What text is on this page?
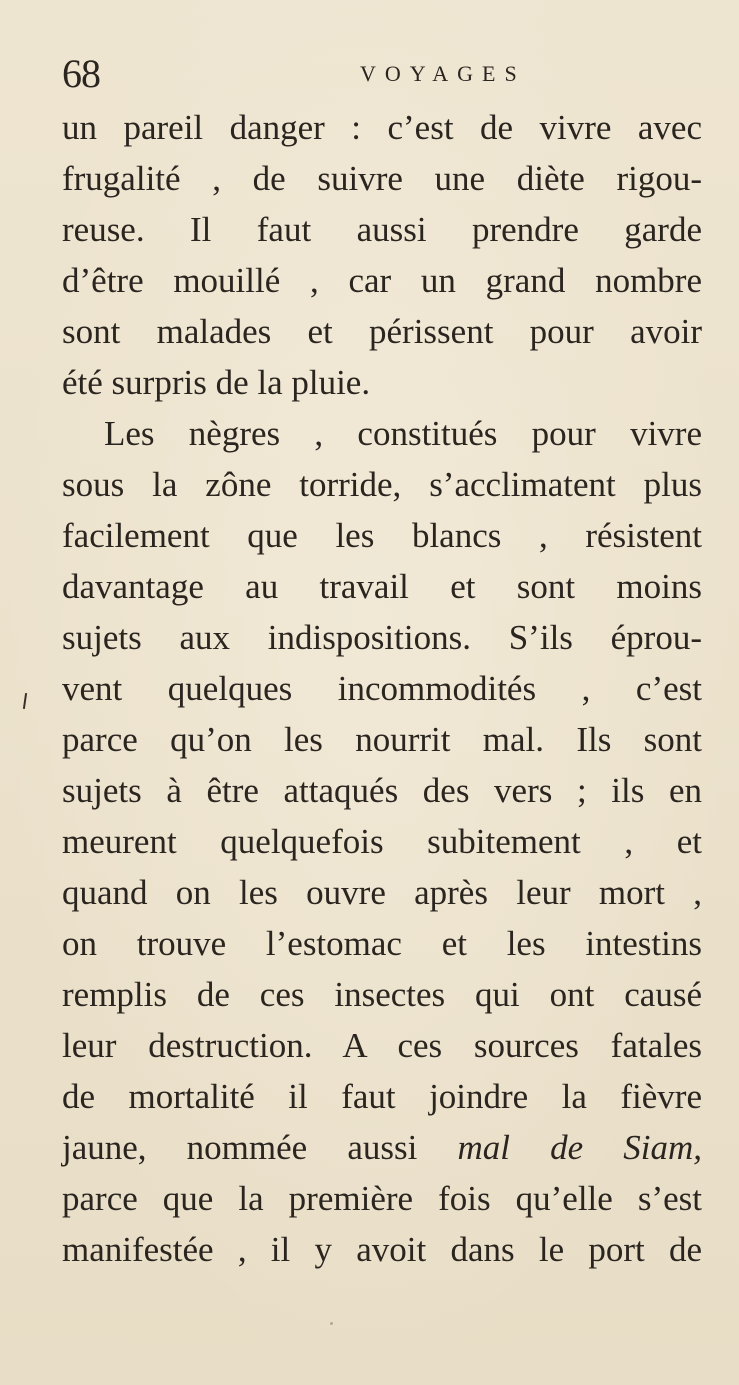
68	VOYAGES
un pareil danger : c’est de vivre avec
frugalité , de suivre une diète rigou-
reuse. Il faut aussi prendre garde
d’être mouillé , car un grand nombre
sont malades et périssent pour avoir
été surpris de la pluie.
Les nègres , constitués pour vivre
sous la zône torride, s’acclimatent plus
facilement que les blancs , résistent
davantage au travail et sont moins
sujets aux indispositions. S’ils éprou-
vent quelques incommodités , c’est
parce qu’on les nourrit mal. Ils sont
sujets à être attaqués des vers ; ils en
meurent quelquefois subitement , et
quand on les ouvre après leur mort ,
on trouve l’estomac et les intestins
remplis de ces insectes qui ont causé
leur destruction. A ces sources fatales
de mortalité il faut joindre la fièvre
jaune, nommée aussi mal de Siam,
parce que la première fois qu’elle s’est
manifestée , il y avoit dans le port de
